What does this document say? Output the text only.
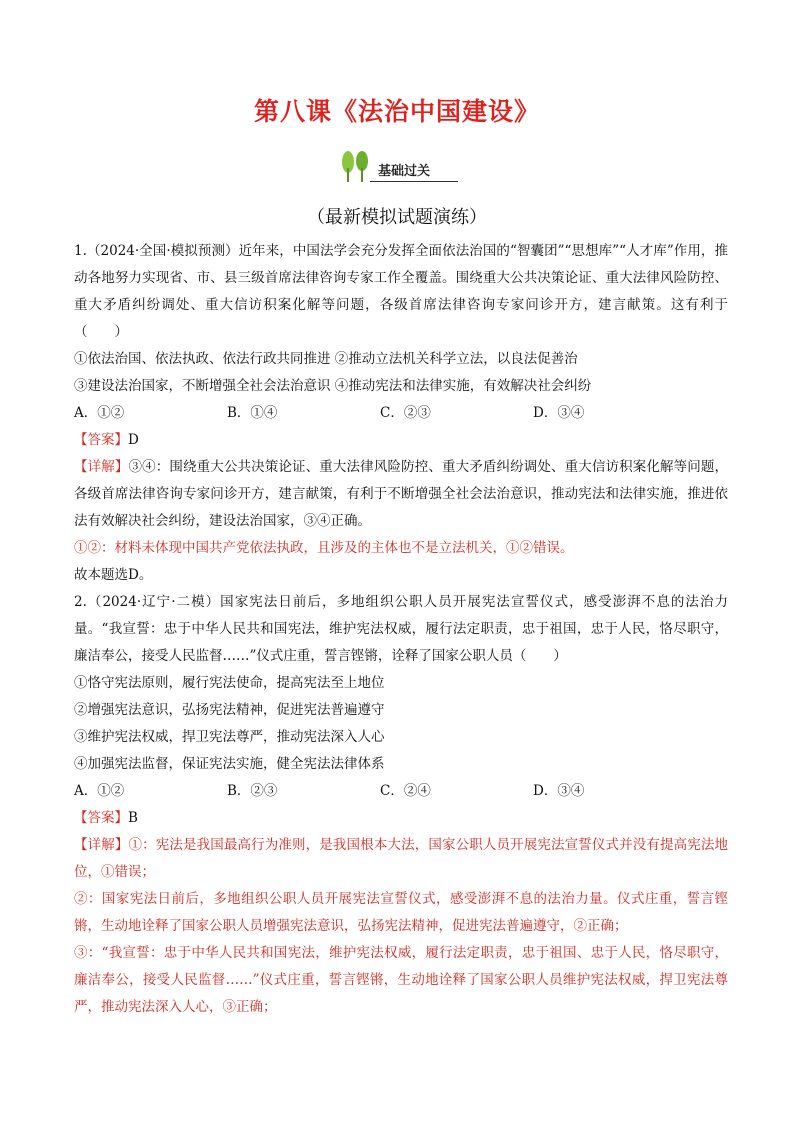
第八课《法治中国建设》
基础过关
（最新模拟试题演练）

1.（2024·全国·模拟预测）近年来，中国法学会充分发挥全面依法治国的“智囊团”“思想库”“人才库”作用，推动各地努力实现省、市、县三级首席法律咨询专家工作全覆盖。围绕重大公共决策论证、重大法律风险防控、重大矛盾纠纷调处、重大信访积案化解等问题，各级首席法律咨询专家问诊开方，建言献策。这有利于（　　）

①依法治国、依法执政、依法行政共同推进 ②推动立法机关科学立法，以良法促善治

③建设法治国家，不断增强全社会法治意识 ④推动宪法和法律实施，有效解决社会纠纷

A．①②	B．①④	C．②③	D．③④

【答案】D

【详解】③④：围绕重大公共决策论证、重大法律风险防控、重大矛盾纠纷调处、重大信访积案化解等问题，各级首席法律咨询专家问诊开方，建言献策，有利于不断增强全社会法治意识，推动宪法和法律实施，推进依法有效解决社会纠纷，建设法治国家，③④正确。

①②：材料未体现中国共产党依法执政，且涉及的主体也不是立法机关，①②错误。

故本题选D。

2.（2024·辽宁·二模）国家宪法日前后，多地组织公职人员开展宪法宣誓仪式，感受澎湃不息的法治力量。“我宣誓：忠于中华人民共和国宪法，维护宪法权威，履行法定职责，忠于祖国，忠于人民，恪尽职守，廉洁奉公，接受人民监督……”仪式庄重，誓言铿锵，诠释了国家公职人员（　　）

①恪守宪法原则，履行宪法使命，提高宪法至上地位

②增强宪法意识，弘扬宪法精神，促进宪法普遍遵守

③维护宪法权威，捍卫宪法尊严，推动宪法深入人心

④加强宪法监督，保证宪法实施，健全宪法法律体系

A．①②	B．②③	C．②④	D．③④

【答案】B

【详解】①：宪法是我国最高行为准则，是我国根本大法，国家公职人员开展宪法宣誓仪式并没有提高宪法地位，①错误；

②：国家宪法日前后，多地组织公职人员开展宪法宣誓仪式，感受澎湃不息的法治力量。仪式庄重，誓言铿锵，生动地诠释了国家公职人员增强宪法意识，弘扬宪法精神，促进宪法普遍遵守，②正确；

③：“我宣誓：忠于中华人民共和国宪法，维护宪法权威，履行法定职责，忠于祖国、忠于人民，恪尽职守，廉洁奉公，接受人民监督……”仪式庄重，誓言铿锵，生动地诠释了国家公职人员维护宪法权威，捍卫宪法尊严，推动宪法深入人心，③正确；
